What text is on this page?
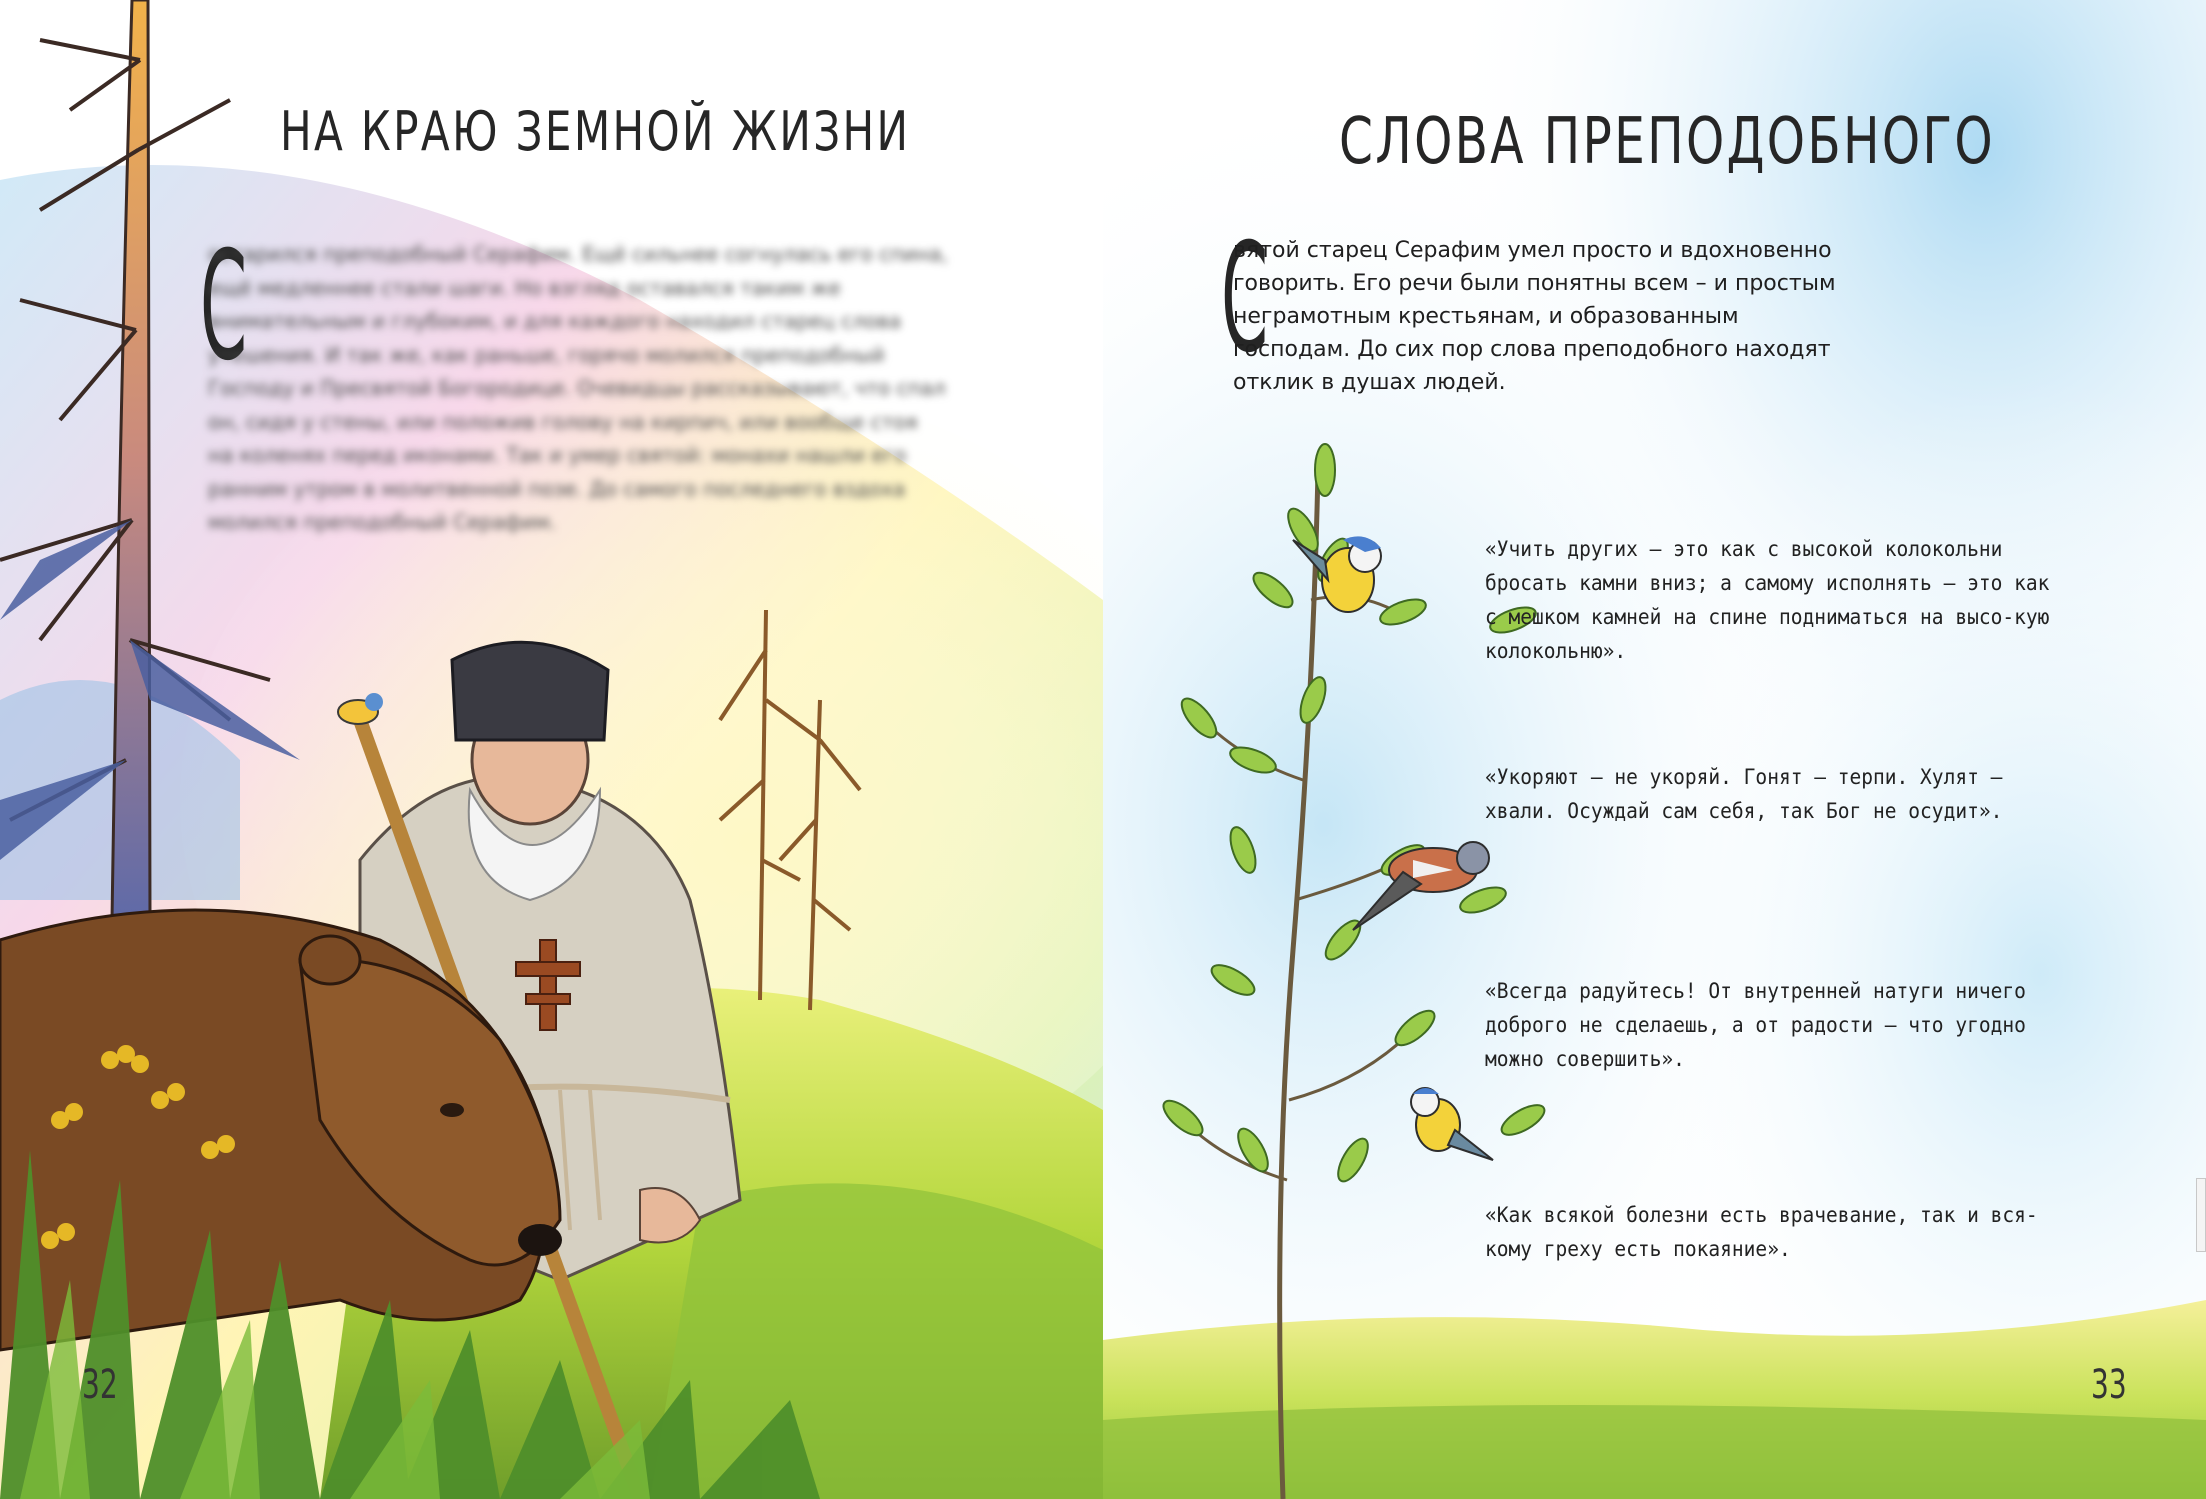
НА КРАЮ ЗЕМНОЙ ЖИЗНИ
С

остарился преподобный Серафим. Ещё сильнее согнулась его спина, ещё медленнее стали шаги. Но взгляд оставался таким же внимательным и глубоким, и для каждого находил старец слова утешения. И так же, как раньше, горячо молился преподобный Господу и Пресвятой Богородице. Очевидцы рассказывают, что спал он, сидя у стены, или положив голову на кирпич, или вообще стоя на коленях перед иконами. Так и умер святой: монахи нашли его ранним утром в молитвенной позе. До самого последнего вздоха молился преподобный Серафим.

32
СЛОВА ПРЕПОДОБНОГО
С

вятой старец Серафим умел просто и вдохновенно говорить. Его речи были понятны всем – и простым неграмотным крестьянам, и образованным господам. До сих пор слова преподобного находят отклик в душах людей.

«Учить других — это как с высокой колокольни бросать камни вниз; а самому исполнять — это как с мешком камней на спине подниматься на высо-кую колокольню».

«Укоряют — не укоряй. Гонят — терпи. Хулят — хвали. Осуждай сам себя, так Бог не осудит».

«Всегда радуйтесь! От внутренней натуги ничего доброго не сделаешь, а от радости — что угодно можно совершить».

«Как всякой болезни есть врачевание, так и вся-кому греху есть покаяние».

33
